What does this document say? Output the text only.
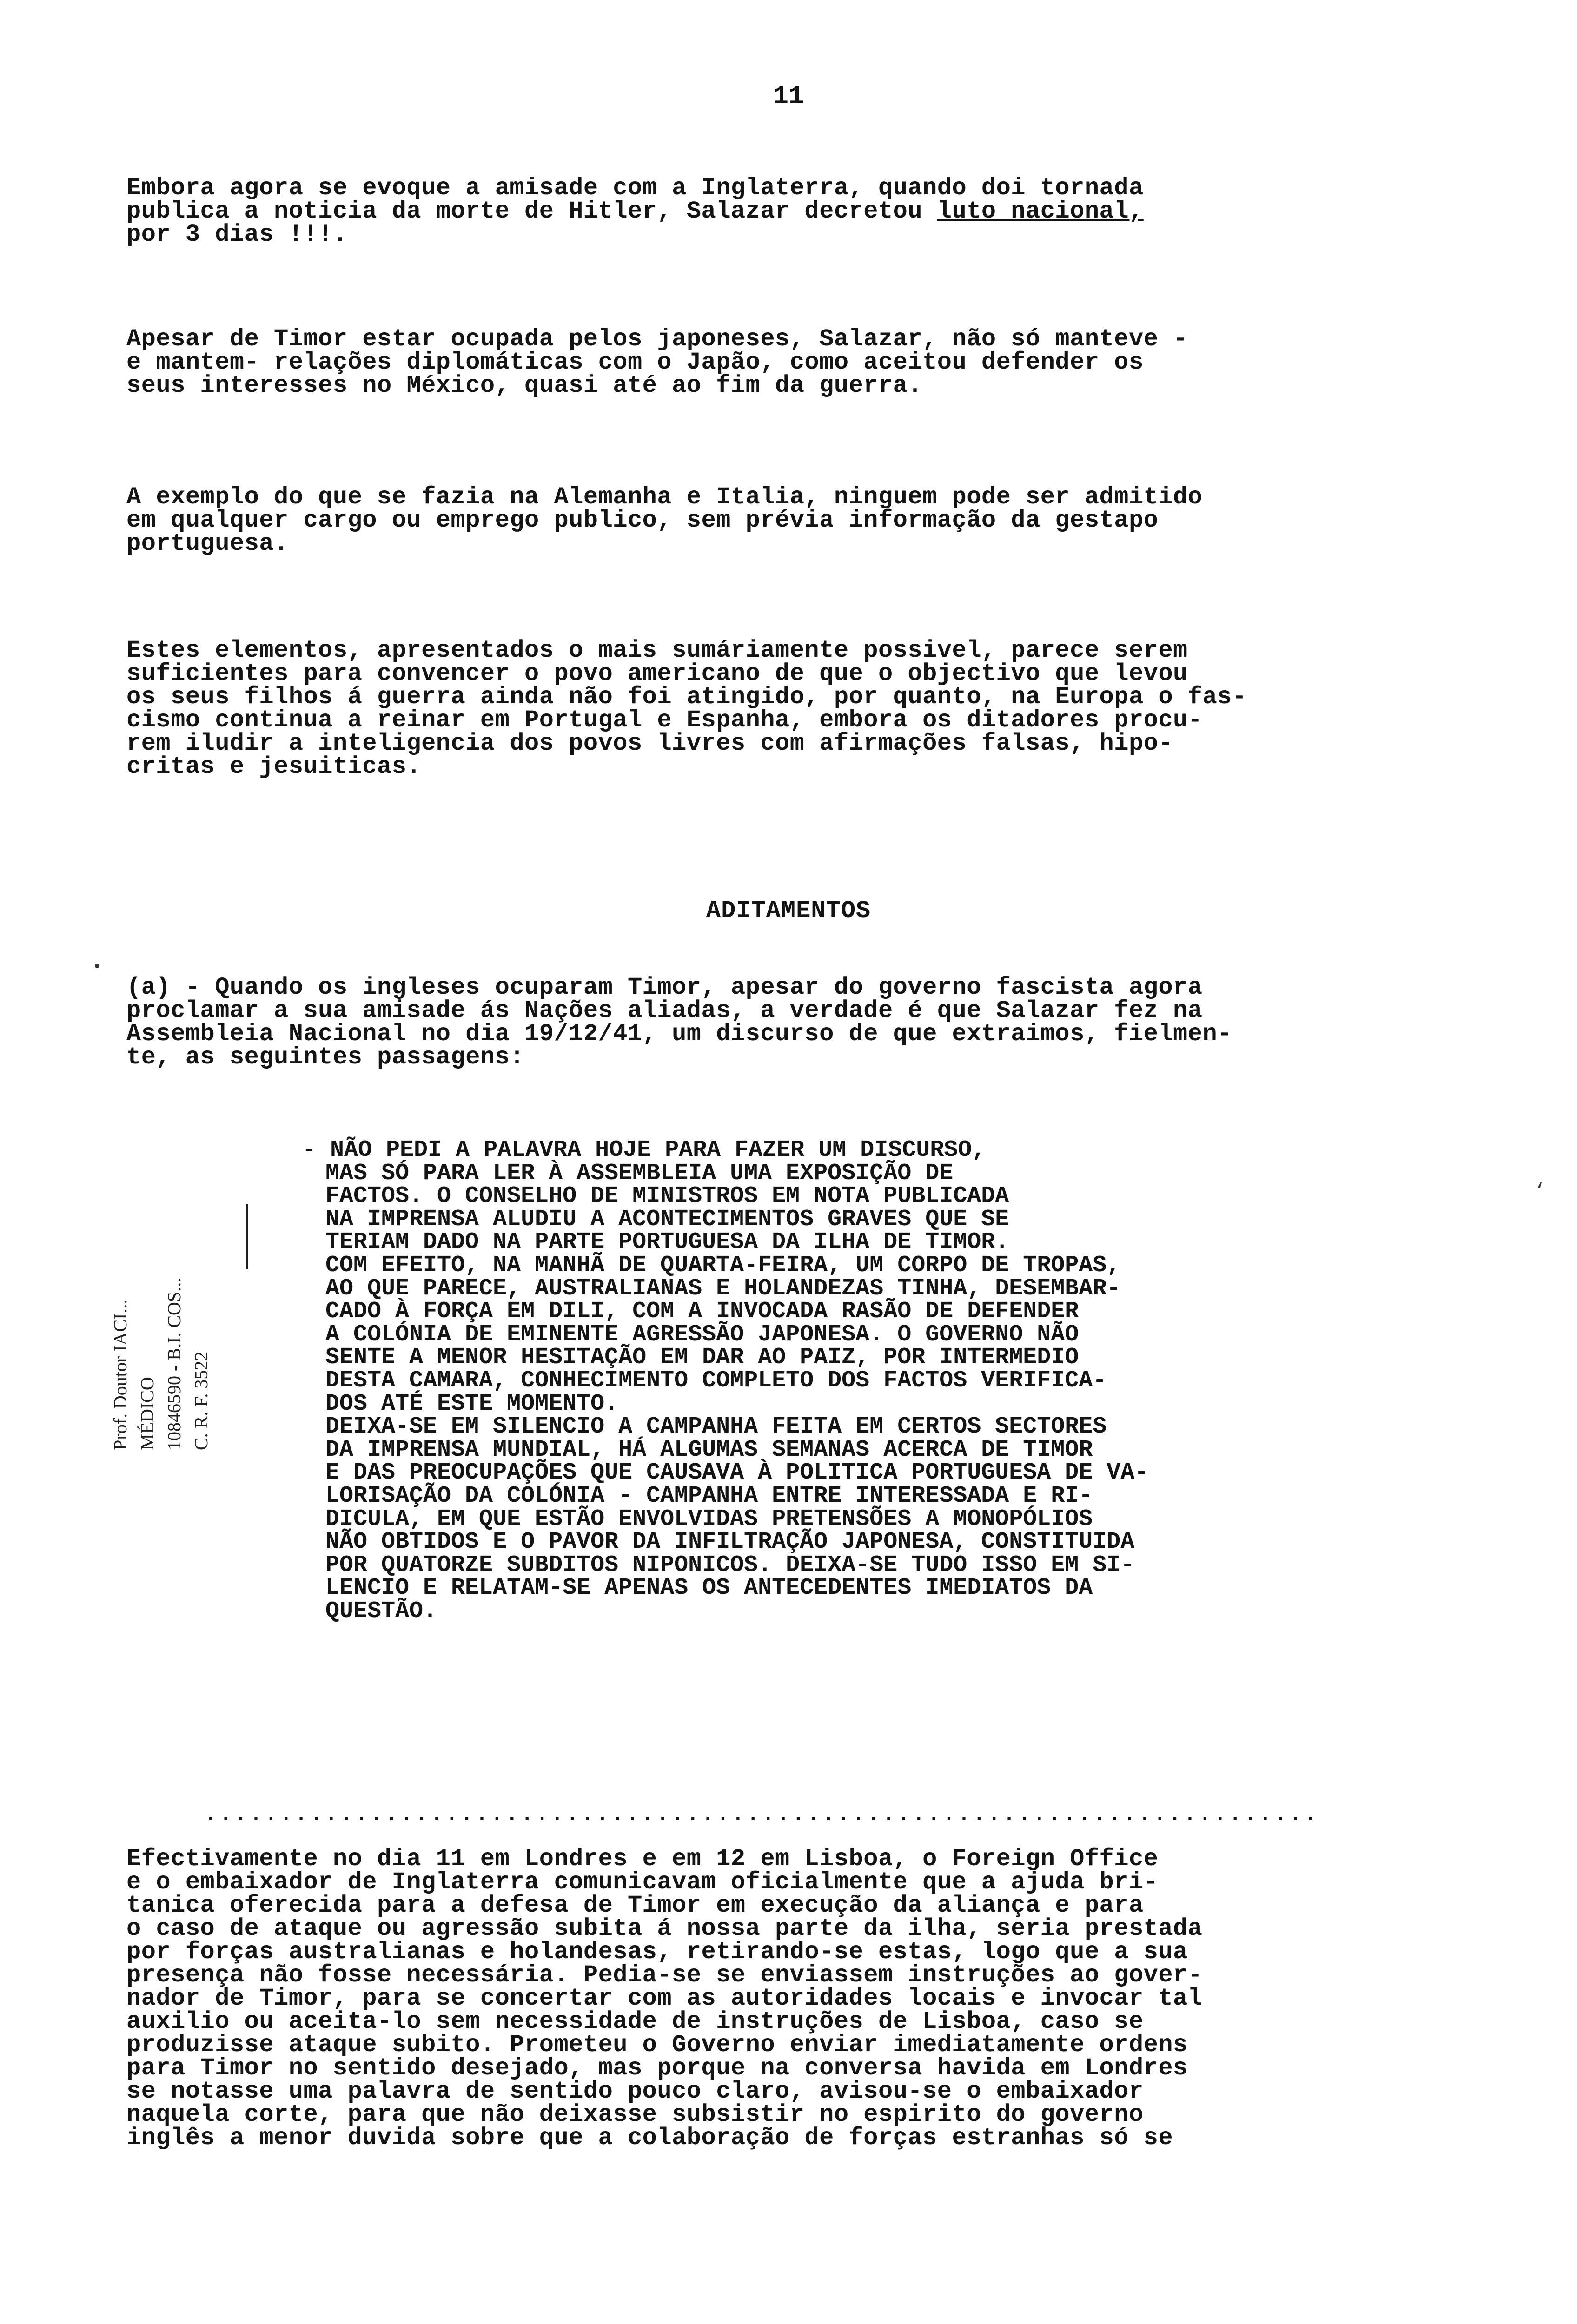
11
Embora agora se evoque a amisade com a Inglaterra, quando doi tornada
publica a noticia da morte de Hitler, Salazar decretou luto nacional,
por 3 dias !!!.
Apesar de Timor estar ocupada pelos japoneses, Salazar, não só manteve -
e mantem- relações diplomáticas com o Japão, como aceitou defender os
seus interesses no México, quasi até ao fim da guerra.
A exemplo do que se fazia na Alemanha e Italia, ninguem pode ser admitido
em qualquer cargo ou emprego publico, sem prévia informação da gestapo
portuguesa.
Estes elementos, apresentados o mais sumáriamente possivel, parece serem
suficientes para convencer o povo americano de que o objectivo que levou
os seus filhos á guerra ainda não foi atingido, por quanto, na Europa o fas-
cismo continua a reinar em Portugal e Espanha, embora os ditadores procu-
rem iludir a inteligencia dos povos livres com afirmações falsas, hipo-
critas e jesuiticas.
ADITAMENTOS
•
(a) - Quando os ingleses ocuparam Timor, apesar do governo fascista agora
proclamar a sua amisade ás Nações aliadas, a verdade é que Salazar fez na
Assembleia Nacional no dia 19/12/41, um discurso de que extraimos, fielmen-
te, as seguintes passagens:
Prof. Doutor IACI... MÉDICO 10846590 - B.I. COS... C. R. F. 3522
‘
- NÃO PEDI A PALAVRA HOJE PARA FAZER UM DISCURSO,
MAS SÓ PARA LER À ASSEMBLEIA UMA EXPOSIÇÃO DE
FACTOS. O CONSELHO DE MINISTROS EM NOTA PUBLICADA
NA IMPRENSA ALUDIU A ACONTECIMENTOS GRAVES QUE SE
TERIAM DADO NA PARTE PORTUGUESA DA ILHA DE TIMOR.
COM EFEITO, NA MANHÃ DE QUARTA-FEIRA, UM CORPO DE TROPAS,
AO QUE PARECE, AUSTRALIANAS E HOLANDEZAS TINHA, DESEMBAR-
CADO À FORÇA EM DILI, COM A INVOCADA RASÃO DE DEFENDER
A COLÓNIA DE EMINENTE AGRESSÃO JAPONESA. O GOVERNO NÃO
SENTE A MENOR HESITAÇÃO EM DAR AO PAIZ, POR INTERMEDIO
DESTA CAMARA, CONHECIMENTO COMPLETO DOS FACTOS VERIFICA-
DOS ATÉ ESTE MOMENTO.
DEIXA-SE EM SILENCIO A CAMPANHA FEITA EM CERTOS SECTORES
DA IMPRENSA MUNDIAL, HÁ ALGUMAS SEMANAS ACERCA DE TIMOR
E DAS PREOCUPAÇÕES QUE CAUSAVA À POLITICA PORTUGUESA DE VA-
LORISAÇÃO DA COLÓNIA - CAMPANHA ENTRE INTERESSADA E RI-
DICULA, EM QUE ESTÃO ENVOLVIDAS PRETENSÕES A MONOPÓLIOS
NÃO OBTIDOS E O PAVOR DA INFILTRAÇÃO JAPONESA, CONSTITUIDA
POR QUATORZE SUBDITOS NIPONICOS. DEIXA-SE TUDO ISSO EM SI-
LENCIO E RELATAM-SE APENAS OS ANTECEDENTES IMEDIATOS DA
QUESTÃO.
..........................................................................
Efectivamente no dia 11 em Londres e em 12 em Lisboa, o Foreign Office
e o embaixador de Inglaterra comunicavam oficialmente que a ajuda bri-
tanica oferecida para a defesa de Timor em execução da aliança e para
o caso de ataque ou agressão subita á nossa parte da ilha, seria prestada
por forças australianas e holandesas, retirando-se estas, logo que a sua
presença não fosse necessária. Pedia-se se enviassem instruções ao gover-
nador de Timor, para se concertar com as autoridades locais e invocar tal
auxilio ou aceita-lo sem necessidade de instruções de Lisboa, caso se
produzisse ataque subito. Prometeu o Governo enviar imediatamente ordens
para Timor no sentido desejado, mas porque na conversa havida em Londres
se notasse uma palavra de sentido pouco claro, avisou-se o embaixador
naquela corte, para que não deixasse subsistir no espirito do governo
inglês a menor duvida sobre que a colaboração de forças estranhas só se
